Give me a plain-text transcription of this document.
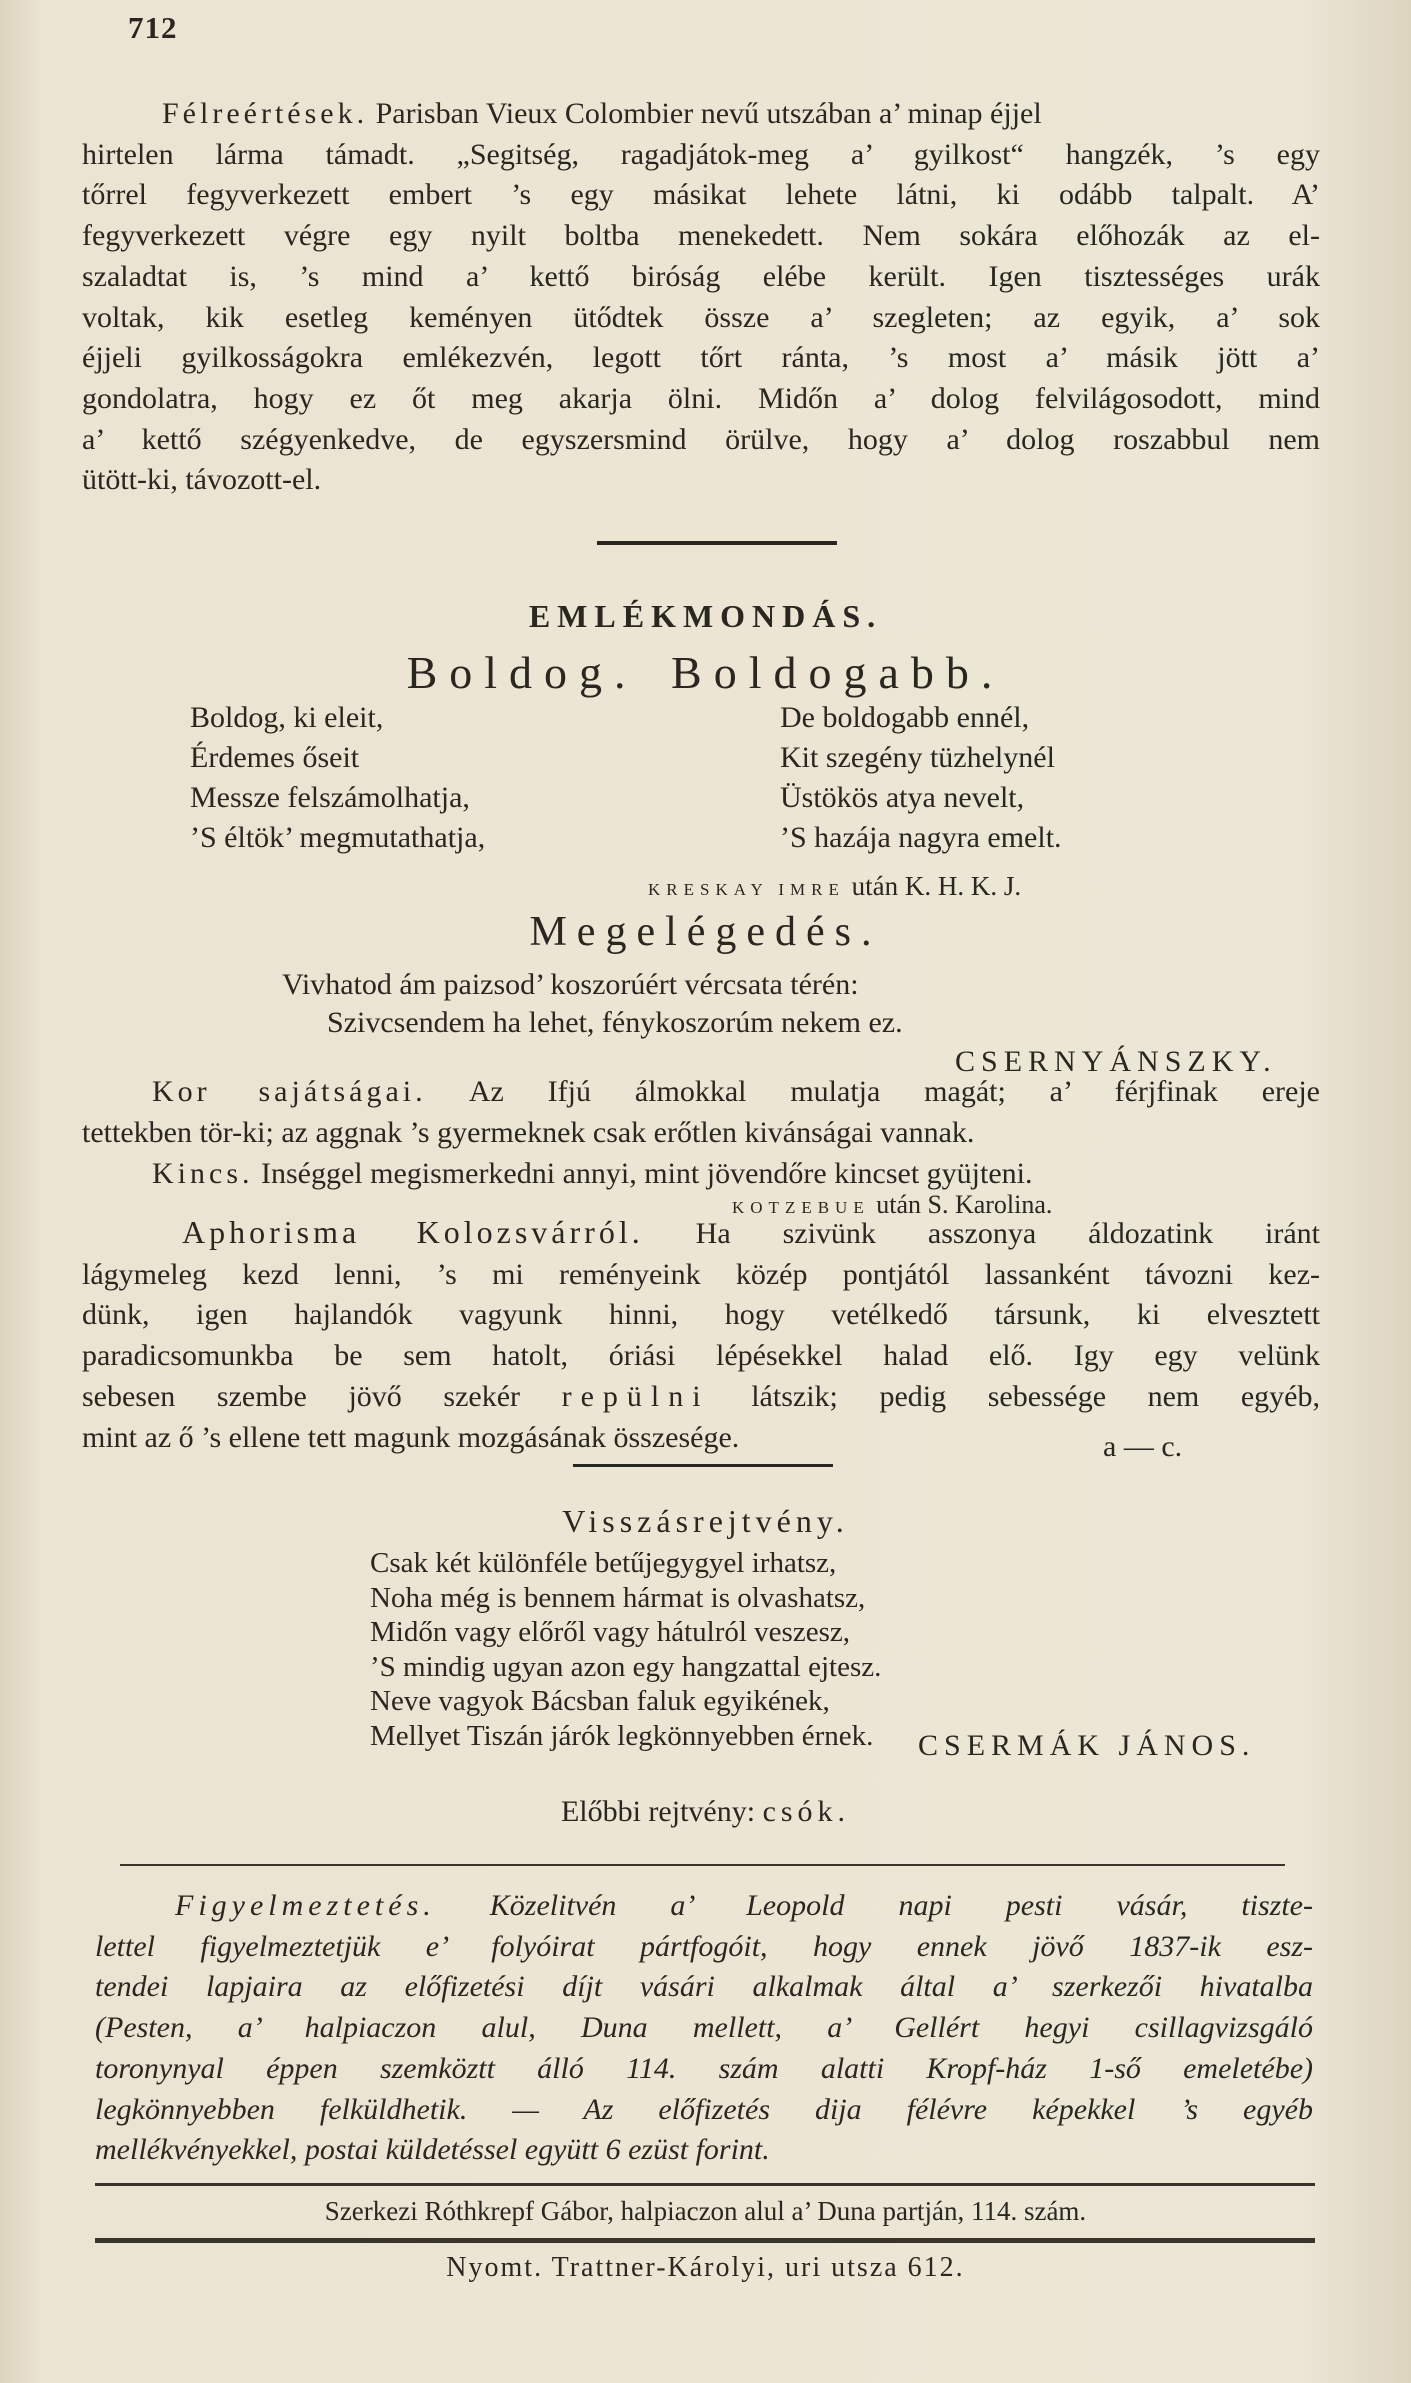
712

Félreértések. Parisban Vieux Colombier nevű utszában a’ minap éjjel

hirtelen lárma támadt. „Segitség, ragadjátok-meg a’ gyilkost“ hangzék, ’s egy
tőrrel fegyverkezett embert ’s egy másikat lehete látni, ki odább talpalt. A’
fegyverkezett végre egy nyilt boltba menekedett. Nem sokára előhozák az el-
szaladtat is, ’s mind a’ kettő biróság elébe került. Igen tisztességes urák
voltak, kik esetleg keményen ütődtek össze a’ szegleten; az egyik, a’ sok
éjjeli gyilkosságokra emlékezvén, legott tőrt ránta, ’s most a’ másik jött a’
gondolatra, hogy ez őt meg akarja ölni. Midőn a’ dolog felvilágosodott, mind
a’ kettő szégyenkedve, de egyszersmind örülve, hogy a’ dolog roszabbul nem
ütött-ki, távozott-el.
EMLÉKMONDÁS.
Boldog. Boldogabb.
Boldog, ki eleit,
Érdemes őseit
Messze felszámolhatja,
’S éltök’ megmutathatja,
De boldogabb ennél,
Kit szegény tüzhelynél
Üstökös atya nevelt,
’S hazája nagyra emelt.
KRESKAY IMRE után K. H. K. J.
Megelégedés.
Vivhatod ám paizsod’ koszorúért vércsata térén:
Szivcsendem ha lehet, fénykoszorúm nekem ez.
CSERNYÁNSZKY.

Kor sajátságai. Az Ifjú álmokkal mulatja magát; a’ férjfinak ereje

tettekben tör-ki; az aggnak ’s gyermeknek csak erőtlen kivánságai vannak.

Kincs. Inséggel megismerkedni annyi, mint jövendőre kincset gyüjteni.

KOTZEBUE után S. Karolina.

Aphorisma Kolozsvárról. Ha szivünk asszonya áldozatink iránt

lágymeleg kezd lenni, ’s mi reményeink közép pontjától lassanként távozni kez-
dünk, igen hajlandók vagyunk hinni, hogy vetélkedő társunk, ki elvesztett
paradicsomunkba be sem hatolt, óriási lépésekkel halad elő. Igy egy velünk

sebesen szembe jövő szekér repülni látszik; pedig sebessége nem egyéb,

mint az ő ’s ellene tett magunk mozgásának összesége.	a — c.
Visszásrejtvény.
Csak két különféle betűjegygyel irhatsz,
Noha még is bennem hármat is olvashatsz,
Midőn vagy előről vagy hátulról veszesz,
’S mindig ugyan azon egy hangzattal ejtesz.
Neve vagyok Bácsban faluk egyikének,
Mellyet Tiszán járók legkönnyebben érnek. CSERMÁK JÁNOS.
Előbbi rejtvény: csók.

Figyelmeztetés. Közelitvén a’ Leopold napi pesti vásár, tiszte-

lettel figyelmeztetjük e’ folyóirat pártfogóit, hogy ennek jövő 1837-ik esz-
tendei lapjaira az előfizetési díjt vásári alkalmak által a’ szerkezői hivatalba
(Pesten, a’ halpiaczon alul, Duna mellett, a’ Gellért hegyi csillagvizsgáló
toronynyal éppen szemköztt álló 114. szám alatti Kropf-ház 1-ső emeletébe)
legkönnyebben felküldhetik. — Az előfizetés dija félévre képekkel ’s egyéb
mellékvényekkel, postai küldetéssel együtt 6 ezüst forint.
Szerkezi Róthkrepf Gábor, halpiaczon alul a’ Duna partján, 114. szám.
Nyomt. Trattner-Károlyi, uri utsza 612.
